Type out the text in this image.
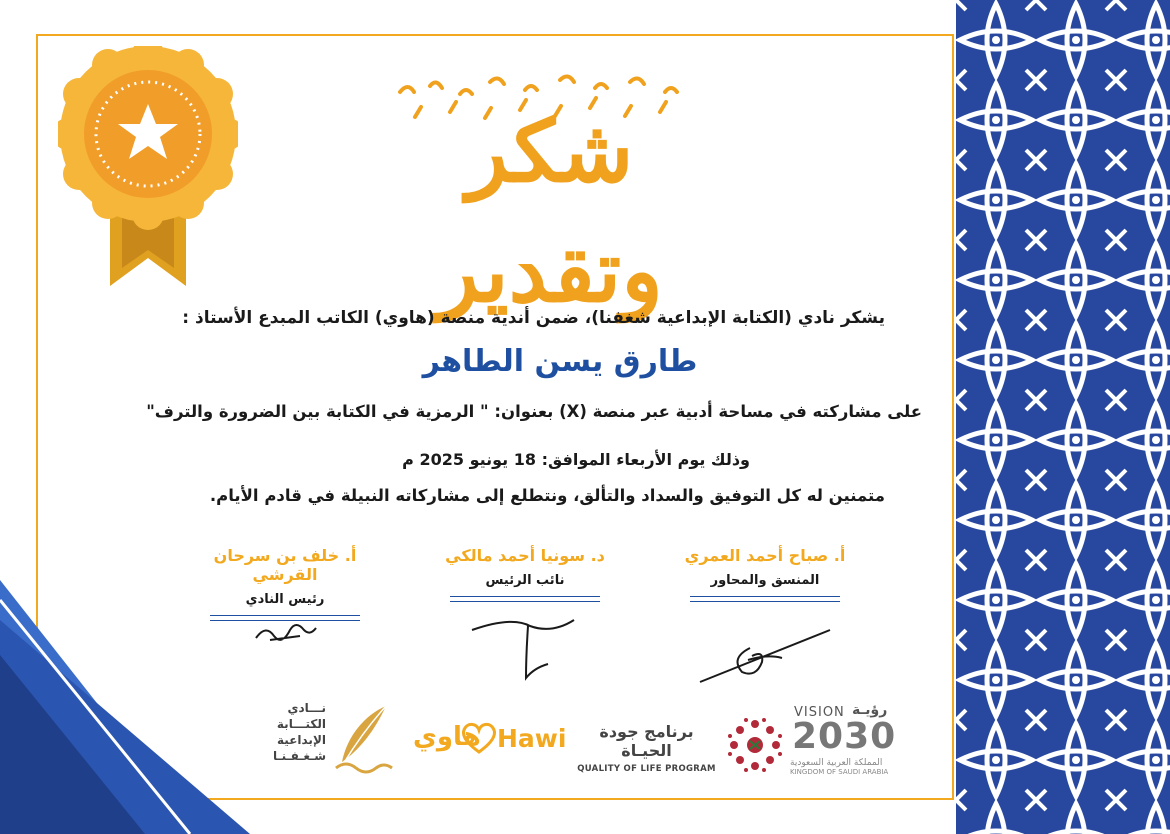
شكر وتقدير
يشكر نادي (الكتابة الإبداعية شغفنا)، ضمن أندية منصة (هاوي) الكاتب المبدع الأستاذ :
طارق يسن الطاهر
على مشاركته في مساحة أدبية عبر منصة (X) بعنوان: " الرمزية في الكتابة بين الضرورة والترف"
وذلك يوم الأربعاء الموافق: 18 يونيو 2025 م
متمنين له كل التوفيق والسداد والتألق، ونتطلع إلى مشاركاته النبيلة في قادم الأيام.
أ. صباح أحمد العمري
المنسق والمحاور
د. سونيا أحمد مالكي
نائب الرئيس
أ. خلف بن سرحان القرشي
رئيس النادي
VISION رؤيـة
2030
المملكة العربية السعودية
KINGDOM OF SAUDI ARABIA
برنامج جودة الحيـاة
QUALITY OF LIFE PROGRAM
هاوي Hawi
نـــادي
الكتـــابة
الإبداعية
شـغـفـنـا
